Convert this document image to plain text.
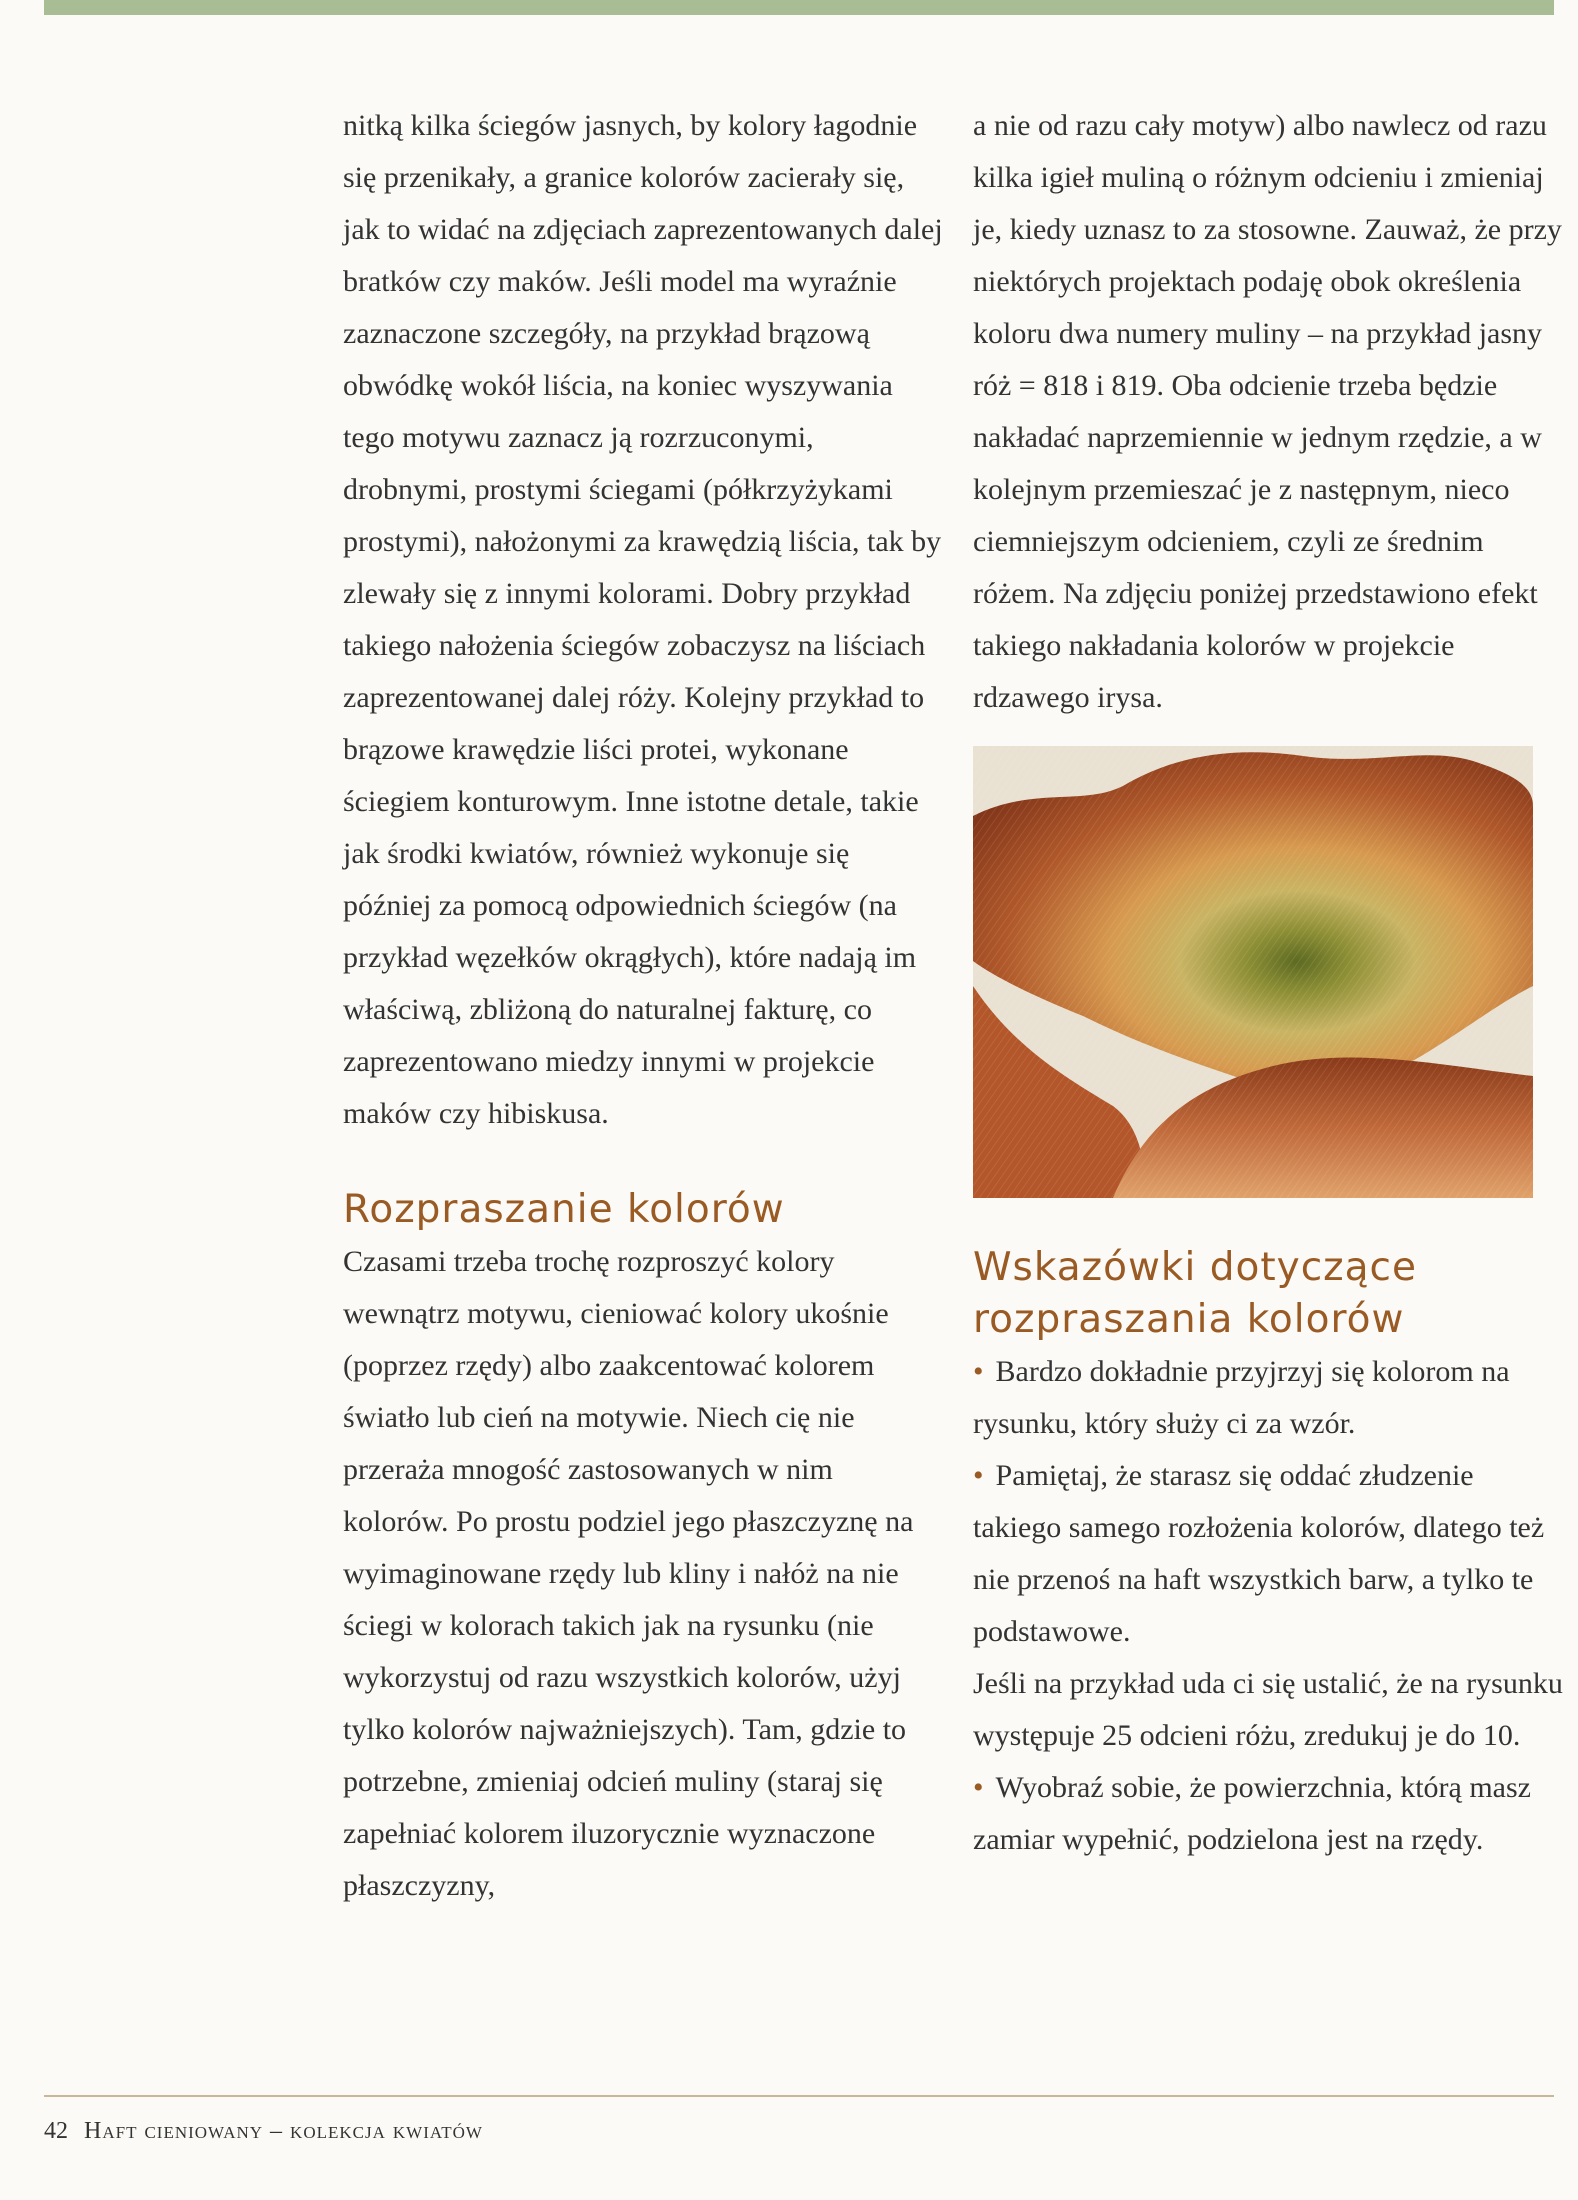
nitką kilka ściegów jasnych, by kolory łagodnie się przenikały, a granice kolorów zacierały się, jak to widać na zdjęciach zaprezentowanych dalej bratków czy maków. Jeśli model ma wyraźnie zaznaczone szczegóły, na przykład brązową obwódkę wokół liścia, na koniec wyszywania tego motywu zaznacz ją rozrzuconymi, drobnymi, prostymi ściegami (półkrzyżykami prostymi), nałożonymi za krawędzią liścia, tak by zlewały się z innymi kolorami. Dobry przykład takiego nałożenia ściegów zobaczysz na liściach zaprezentowanej dalej róży. Kolejny przykład to brązowe krawędzie liści protei, wykonane ściegiem konturowym. Inne istotne detale, takie jak środki kwiatów, również wykonuje się później za pomocą odpowiednich ściegów (na przykład węzełków okrągłych), które nadają im właściwą, zbliżoną do naturalnej fakturę, co zaprezentowano miedzy innymi w projekcie maków czy hibiskusa.

Rozpraszanie kolorów

Czasami trzeba trochę rozproszyć kolory wewnątrz motywu, cieniować kolory ukośnie (poprzez rzędy) albo zaakcentować kolorem światło lub cień na motywie. Niech cię nie przeraża mnogość zastosowanych w nim kolorów. Po prostu podziel jego płaszczyznę na wyimaginowane rzędy lub kliny i nałóż na nie ściegi w kolorach takich jak na rysunku (nie wykorzystuj od razu wszystkich kolorów, użyj tylko kolorów najważniejszych). Tam, gdzie to potrzebne, zmieniaj odcień muliny (staraj się zapełniać kolorem iluzorycznie wyznaczone płaszczyzny,

a nie od razu cały motyw) albo nawlecz od razu kilka igieł muliną o różnym odcieniu i zmieniaj je, kiedy uznasz to za stosowne. Zauważ, że przy niektórych projektach podaję obok określenia koloru dwa numery muliny – na przykład jasny róż = 818 i 819. Oba odcienie trzeba będzie nakładać naprzemiennie w jednym rzędzie, a w kolejnym przemieszać je z następnym, nieco ciemniejszym odcieniem, czyli ze średnim różem. Na zdjęciu poniżej przedstawiono efekt takiego nakładania kolorów w projekcie rdzawego irysa.

Wskazówki dotyczące rozpraszania kolorów
• Bardzo dokładnie przyjrzyj się kolorom na rysunku, który służy ci za wzór.
• Pamiętaj, że starasz się oddać złudzenie takiego samego rozłożenia kolorów, dlatego też nie przenoś na haft wszystkich barw, a tylko te podstawowe.
Jeśli na przykład uda ci się ustalić, że na rysunku występuje 25 odcieni różu, zredukuj je do 10.
• Wyobraź sobie, że powierzchnia, którą masz zamiar wypełnić, podzielona jest na rzędy.
42 Haft cieniowany – kolekcja kwiatów
